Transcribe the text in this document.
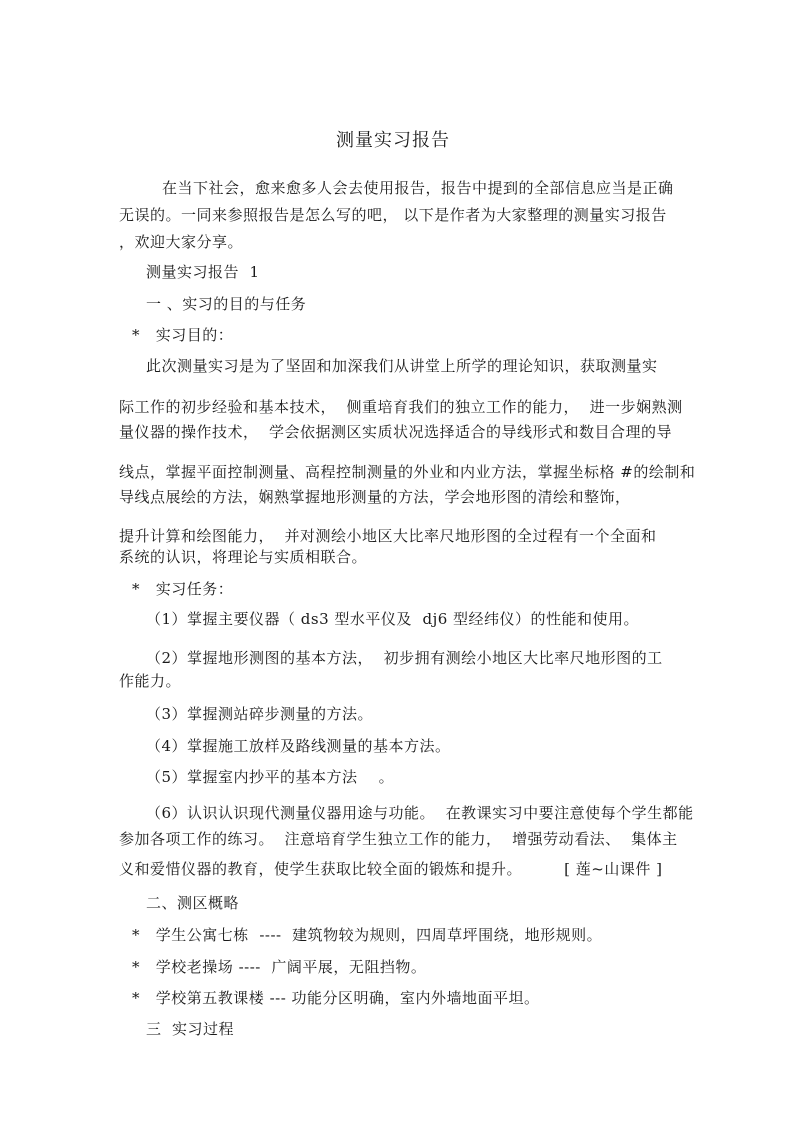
测量实习报告
在当下社会，愈来愈多人会去使用报告，报告中提到的全部信息应当是正确
无误的。一同来参照报告是怎么写的吧， 以下是作者为大家整理的测量实习报告
，欢迎大家分享。
测量实习报告  1
一 、实习的目的与任务
*   实习目的：
此次测量实习是为了坚固和加深我们从讲堂上所学的理论知识，获取测量实
际工作的初步经验和基本技术，  侧重培育我们的独立工作的能力，  进一步娴熟测
量仪器的操作技术，  学会依据测区实质状况选择适合的导线形式和数目合理的导
线点，掌握平面控制测量、高程控制测量的外业和内业方法，掌握坐标格 #的绘制和
导线点展绘的方法，娴熟掌握地形测量的方法，学会地形图的清绘和整饰，
提升计算和绘图能力，  并对测绘小地区大比率尺地形图的全过程有一个全面和
系统的认识，将理论与实质相联合。
*   实习任务：
（1）掌握主要仪器（ ds3 型水平仪及  dj6 型经纬仪）的性能和使用。
（2）掌握地形测图的基本方法，  初步拥有测绘小地区大比率尺地形图的工
作能力。
（3）掌握测站碎步测量的方法。
（4）掌握施工放样及路线测量的基本方法。
（5）掌握室内抄平的基本方法    。
（6）认识认识现代测量仪器用途与功能。  在教课实习中要注意使每个学生都能
参加各项工作的练习。  注意培育学生独立工作的能力，  增强劳动看法、  集体主
义和爱惜仪器的教育，使学生获取比较全面的锻炼和提升。        [ 莲~山课件 ]
二、测区概略
*   学生公寓七栋  ----  建筑物较为规则，四周草坪围绕，地形规则。
*   学校老操场 ----  广阔平展，无阻挡物。
*   学校第五教课楼 --- 功能分区明确，室内外墙地面平坦。
三  实习过程
